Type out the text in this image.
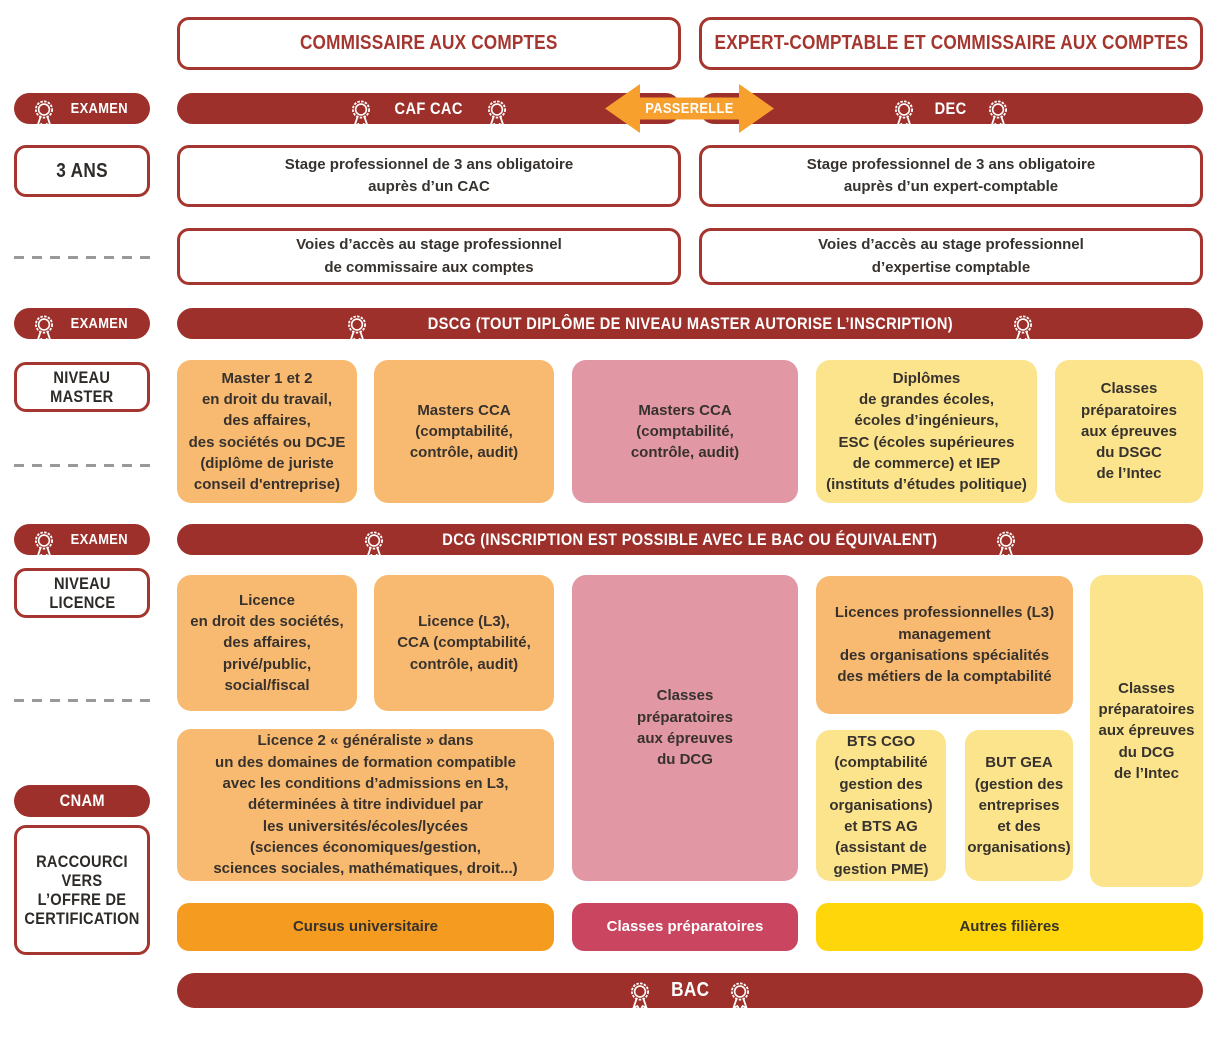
COMMISSAIRE AUX COMPTES	EXPERT-COMPTABLE ET COMMISSAIRE AUX COMPTES
EXAMEN	CAF CAC	DEC
PASSERELLE
3 ANS	Stage professionnel de 3 ans obligatoire
auprès d’un CAC
Stage professionnel de 3 ans obligatoire
auprès d’un expert-comptable
Voies d’accès au stage professionnel
de commissaire aux comptes
Voies d’accès au stage professionnel
d’expertise comptable
EXAMEN	DSCG (TOUT DIPLÔME DE NIVEAU MASTER AUTORISE L’INSCRIPTION)
NIVEAU
MASTER
Master 1 et 2
en droit du travail,
des affaires,
des sociétés ou DCJE
(diplôme de juriste
conseil d'entreprise)
Masters CCA
(comptabilité,
contrôle, audit)
Masters CCA
(comptabilité,
contrôle, audit)
Diplômes
de grandes écoles,
écoles d’ingénieurs,
ESC (écoles supérieures
de commerce) et IEP
(instituts d’études politique)
Classes
préparatoires
aux épreuves
du DSGC
de l’Intec
EXAMEN	DCG (INSCRIPTION EST POSSIBLE AVEC LE BAC OU ÉQUIVALENT)
NIVEAU
LICENCE	Licence
en droit des sociétés,
des affaires,
privé/public,
social/fiscal
Licence (L3),
CCA (comptabilité,
contrôle, audit)
Classes
préparatoires
aux épreuves
du DCG
Licences professionnelles (L3)
management
des organisations spécialités
des métiers de la comptabilité
Classes
préparatoires
aux épreuves
du DCG
de l’Intec
Licence 2 « généraliste » dans
un des domaines de formation compatible
avec les conditions d’admissions en L3,
déterminées à titre individuel par
les universités/écoles/lycées
(sciences économiques/gestion,
sciences sociales, mathématiques, droit...)
BTS CGO
(comptabilité
gestion des
organisations)
et BTS AG
(assistant de
gestion PME)
BUT GEA
(gestion des
entreprises
et des
organisations)
CNAM
RACCOURCI
VERS
L’OFFRE DE
CERTIFICATION	Cursus universitaire	Classes préparatoires	Autres filières
BAC
